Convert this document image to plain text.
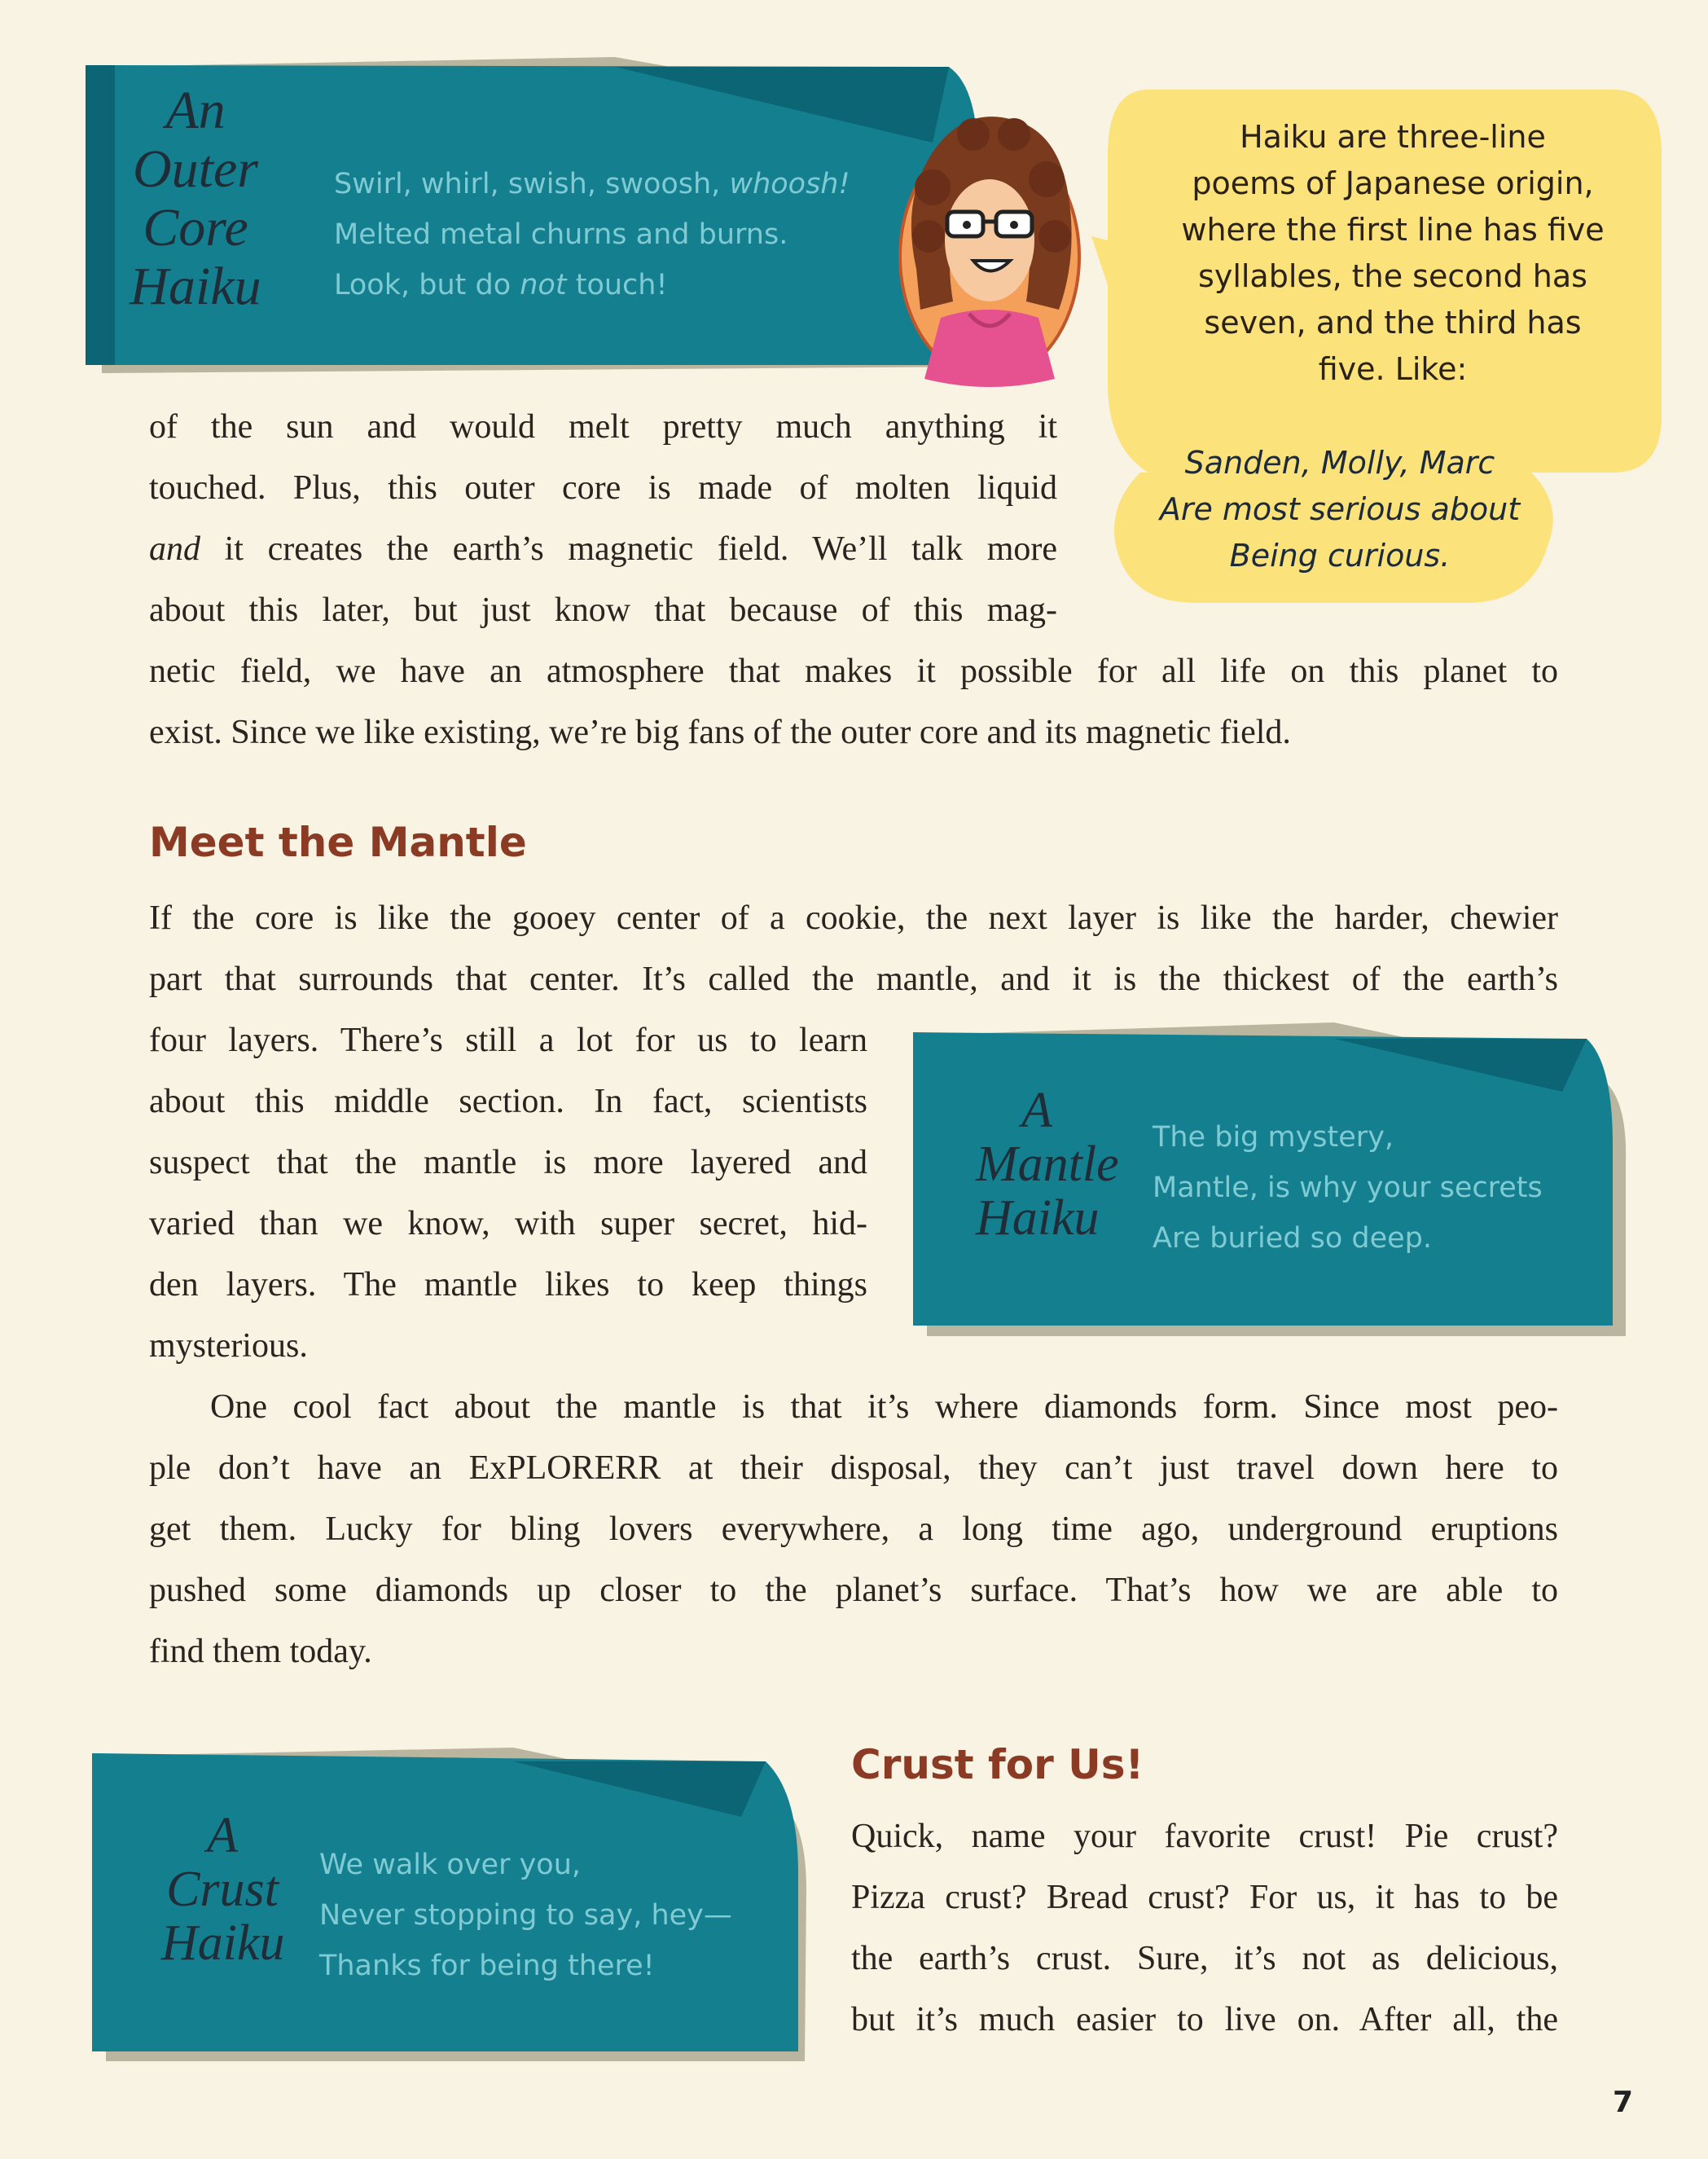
An
Outer
Core
Haiku
Swirl, whirl, swish, swoosh, whoosh!
Melted metal churns and burns.
Look, but do not touch!
Haiku are three-line
poems of Japanese origin,
where the first line has five
syllables, the second has
seven, and the third has
five. Like:
Sanden, Molly, Marc
Are most serious about
Being curious.
of the sun and would melt pretty much anything it
touched. Plus, this outer core is made of molten liquid
and it creates the earth’s magnetic field. We’ll talk more
about this later, but just know that because of this mag-
netic field, we have an atmosphere that makes it possible for all life on this planet to
exist. Since we like existing, we’re big fans of the outer core and its magnetic field.
Meet the Mantle
If the core is like the gooey center of a cookie, the next layer is like the harder, chewier
part that surrounds that center. It’s called the mantle, and it is the thickest of the earth’s
four layers. There’s still a lot for us to learn
about this middle section. In fact, scientists
suspect that the mantle is more layered and
varied than we know, with super secret, hid-
den layers. The mantle likes to keep things
mysterious.
One cool fact about the mantle is that it’s where diamonds form. Since most peo-
ple don’t have an ExPLORERR at their disposal, they can’t just travel down here to
get them. Lucky for bling lovers everywhere, a long time ago, underground eruptions
pushed some diamonds up closer to the planet’s surface. That’s how we are able to
find them today.
A
Mantle
Haiku
The big mystery,
Mantle, is why your secrets
Are buried so deep.
A
Crust
Haiku
We walk over you,
Never stopping to say, hey—
Thanks for being there!
Crust for Us!
Quick, name your favorite crust! Pie crust?
Pizza crust? Bread crust? For us, it has to be
the earth’s crust. Sure, it’s not as delicious,
but it’s much easier to live on. After all, the
7
